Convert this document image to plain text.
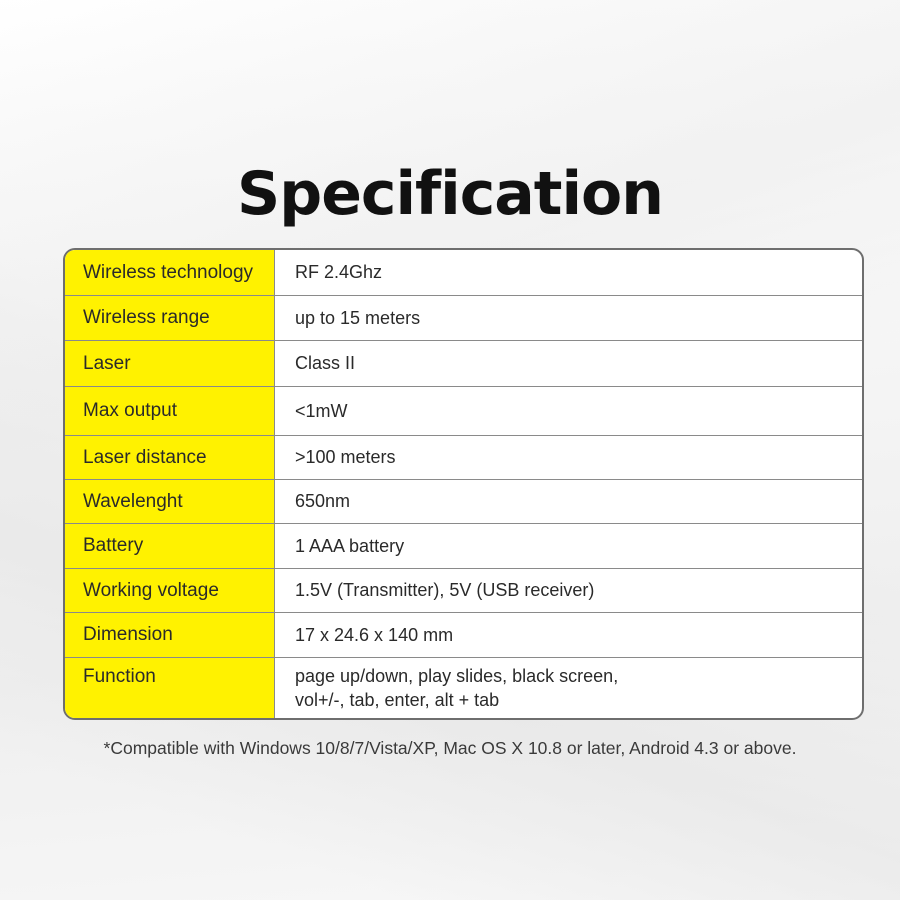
Specification
Wireless technology	RF 2.4Ghz
Wireless range	up to 15 meters
Laser	Class II
Max output	<1mW
Laser distance	>100 meters
Wavelenght	650nm
Battery	1 AAA battery
Working voltage	1.5V (Transmitter), 5V (USB receiver)
Dimension	17 x 24.6 x 140 mm
Function	page up/down, play slides, black screen,
vol+/-, tab, enter, alt + tab
*Compatible with Windows 10/8/7/Vista/XP, Mac OS X 10.8 or later, Android 4.3 or above.
